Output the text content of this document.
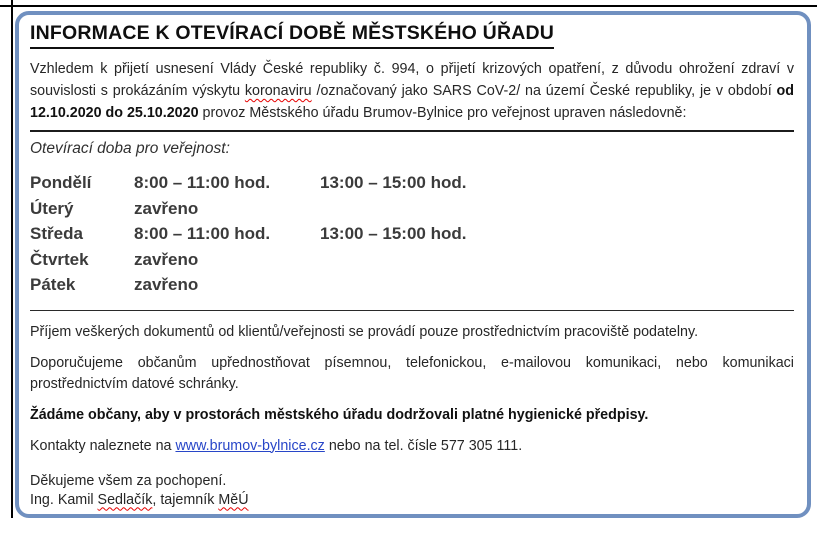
INFORMACE K OTEVÍRACÍ DOBĚ MĚSTSKÉHO ÚŘADU

Vzhledem k přijetí usnesení Vlády České republiky č. 994, o přijetí krizových opatření, z důvodu ohrožení zdraví v souvislosti s prokázáním výskytu koronaviru /označovaný jako SARS CoV-2/ na území České republiky, je v období od 12.10.2020 do 25.10.2020 provoz Městského úřadu Brumov-Bylnice pro veřejnost upraven následovně:

Otevírací doba pro veřejnost:

Pondělí	8:00 – 11:00 hod.	13:00 – 15:00 hod.
Úterý	zavřeno
Středa	8:00 – 11:00 hod.	13:00 – 15:00 hod.
Čtvrtek	zavřeno
Pátek	zavřeno

Příjem veškerých dokumentů od klientů/veřejnosti se provádí pouze prostřednictvím pracoviště podatelny.

Doporučujeme občanům upřednostňovat písemnou, telefonickou, e-mailovou komunikaci, nebo komunikaci prostřednictvím datové schránky.

Žádáme občany, aby v prostorách městského úřadu dodržovali platné hygienické předpisy.

Kontakty naleznete na www.brumov-bylnice.cz nebo na tel. čísle 577 305 111.

Děkujeme všem za pochopení.
Ing. Kamil Sedlačík, tajemník MěÚ
